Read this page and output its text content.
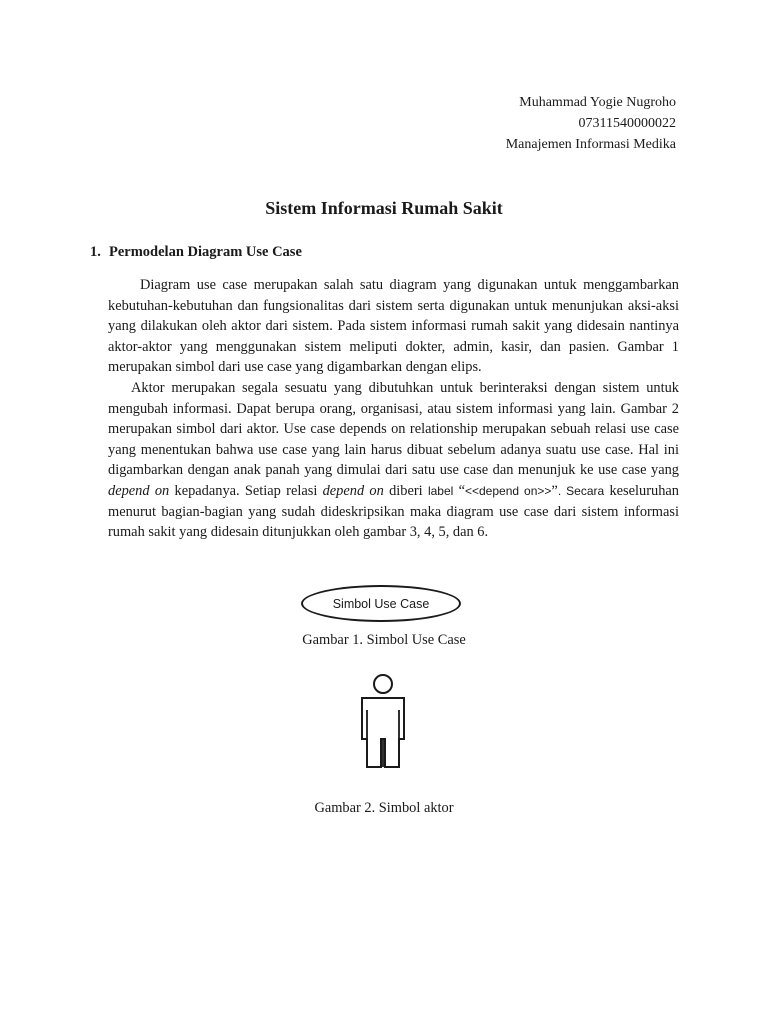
Muhammad Yogie Nugroho
07311540000022
Manajemen Informasi Medika
Sistem Informasi Rumah Sakit
1. Permodelan Diagram Use Case

Diagram use case merupakan salah satu diagram yang digunakan untuk menggambarkan kebutuhan-kebutuhan dan fungsionalitas dari sistem serta digunakan untuk menunjukan aksi-aksi yang dilakukan oleh aktor dari sistem. Pada sistem informasi rumah sakit yang didesain nantinya aktor-aktor yang menggunakan sistem meliputi dokter, admin, kasir, dan pasien. Gambar 1 merupakan simbol dari use case yang digambarkan dengan elips.

Aktor merupakan segala sesuatu yang dibutuhkan untuk berinteraksi dengan sistem untuk mengubah informasi. Dapat berupa orang, organisasi, atau sistem informasi yang lain. Gambar 2 merupakan simbol dari aktor. Use case depends on relationship merupakan sebuah relasi use case yang menentukan bahwa use case yang lain harus dibuat sebelum adanya suatu use case. Hal ini digambarkan dengan anak panah yang dimulai dari satu use case dan menunjuk ke use case yang depend on kepadanya. Setiap relasi depend on diberi label “<<depend on>>”. Secara keseluruhan menurut bagian-bagian yang sudah dideskripsikan maka diagram use case dari sistem informasi rumah sakit yang didesain ditunjukkan oleh gambar 3, 4, 5, dan 6.

Simbol Use Case
Gambar 1. Simbol Use Case
Gambar 2. Simbol aktor
